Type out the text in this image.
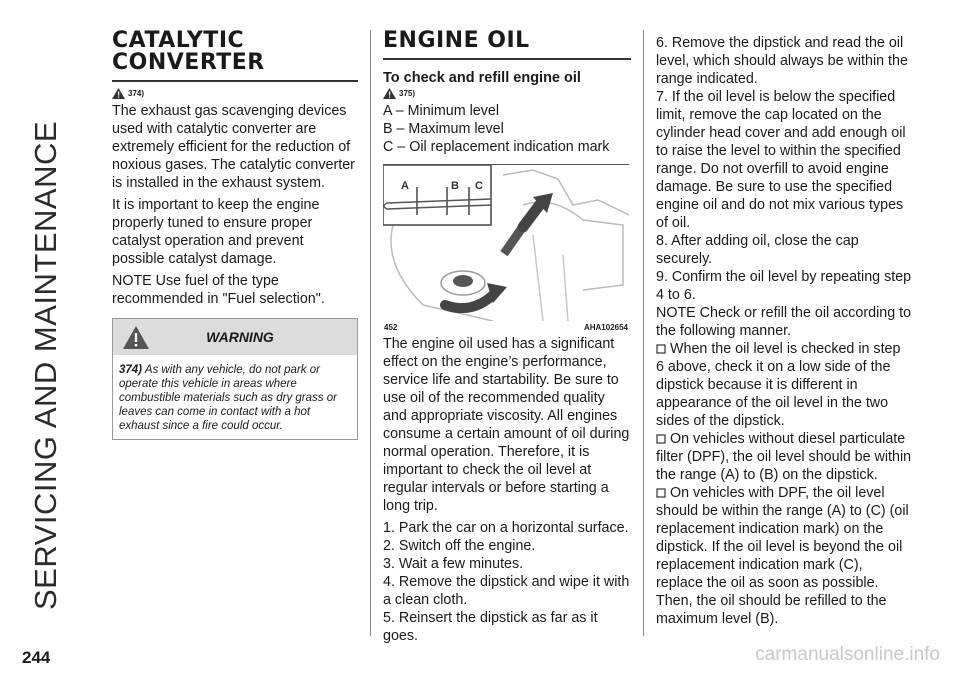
SERVICING AND MAINTENANCE
CATALYTIC
CONVERTER
374)

The exhaust gas scavenging devices used with catalytic converter are extremely efficient for the reduction of noxious gases. The catalytic converter is installed in the exhaust system.

It is important to keep the engine properly tuned to ensure proper catalyst operation and prevent possible catalyst damage.

NOTE Use fuel of the type recommended in "Fuel selection".

WARNING
374) As with any vehicle, do not park or operate this vehicle in areas where combustible materials such as dry grass or leaves can come in contact with a hot exhaust since a fire could occur.
ENGINE OIL
To check and refill engine oil
375)

A – Minimum level

B – Maximum level

C – Oil replacement indication mark

A	B C
452	AHA102654

The engine oil used has a significant effect on the engine’s performance, service life and startability. Be sure to use oil of the recommended quality and appropriate viscosity. All engines consume a certain amount of oil during normal operation. Therefore, it is important to check the oil level at regular intervals or before starting a long trip.

1. Park the car on a horizontal surface.

2. Switch off the engine.

3. Wait a few minutes.

4. Remove the dipstick and wipe it with a clean cloth.

5. Reinsert the dipstick as far as it goes.

6. Remove the dipstick and read the oil level, which should always be within the range indicated.

7. If the oil level is below the specified limit, remove the cap located on the cylinder head cover and add enough oil to raise the level to within the specified range. Do not overfill to avoid engine damage. Be sure to use the specified engine oil and do not mix various types of oil.

8. After adding oil, close the cap securely.

9. Confirm the oil level by repeating step 4 to 6.

NOTE Check or refill the oil according to the following manner.

When the oil level is checked in step 6 above, check it on a low side of the dipstick because it is different in appearance of the oil level in the two sides of the dipstick.

On vehicles without diesel particulate filter (DPF), the oil level should be within the range (A) to (B) on the dipstick.

On vehicles with DPF, the oil level should be within the range (A) to (C) (oil replacement indication mark) on the dipstick. If the oil level is beyond the oil replacement indication mark (C), replace the oil as soon as possible. Then, the oil should be refilled to the maximum level (B).

244	carmanualsonline.info
